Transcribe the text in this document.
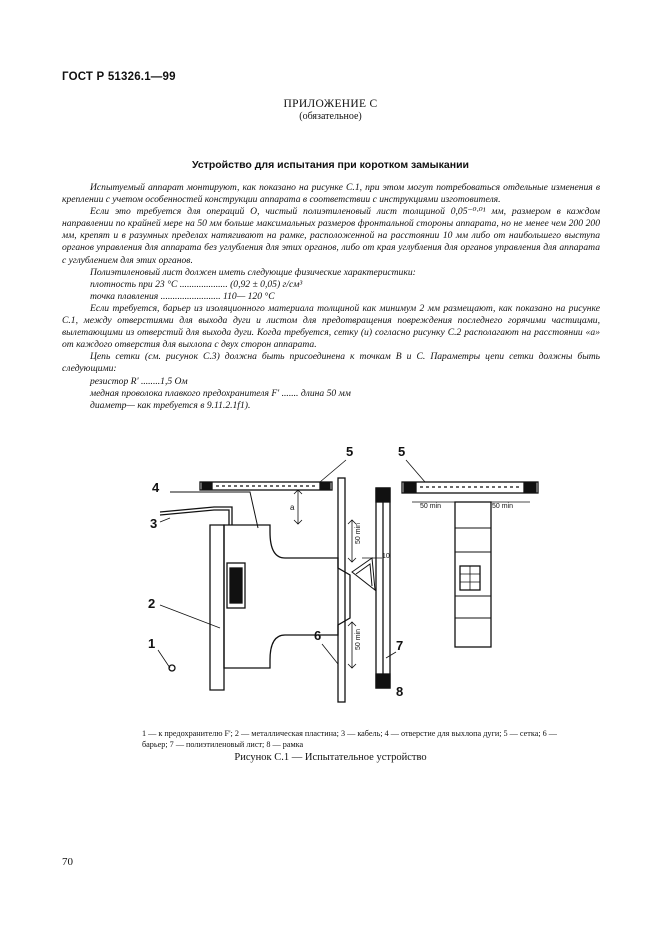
ГОСТ Р 51326.1—99
ПРИЛОЖЕНИЕ С
(обязательное)
Устройство для испытания при коротком замыкании

Испытуемый аппарат монтируют, как показано на рисунке С.1, при этом могут потребоваться отдельные изменения в креплении с учетом особенностей конструкции аппарата в соответствии с инструкциями изготовителя.

Если это требуется для операций О, чистый полиэтиленовый лист толщиной 0,05⁻⁰·⁰¹ мм, размером в каждом направлении по крайней мере на 50 мм больше максимальных размеров фронтальной стороны аппарата, но не менее чем 200 200 мм, крепят и в разумных пределах натягивают на рамке, расположенной на расстоянии 10 мм либо от наибольшего выступа органов управления для аппарата без углубления для этих органов, либо от края углубления для органов управления для аппарата с углублением для этих органов.

Полиэтиленовый лист должен иметь следующие физические характеристики:

плотность при 23 °С .................... (0,92 ± 0,05) г/см³

точка плавления ......................... 110— 120 °С

Если требуется, барьер из изоляционного материала толщиной как минимум 2 мм размещают, как показано на рисунке С.1, между отверстиями для выхода дуги и листом для предотвращения повреждения последнего горячими частицами, вылетающими из отверстий для выхода дуги. Когда требуется, сетку (и) согласно рисунку С.2 располагают на расстоянии «а» от каждого отверстия для выхлопа с двух сторон аппарата.

Цепь сетки (см. рисунок С.3) должна быть присоединена к точкам В и С. Параметры цепи сетки должны быть следующими:

резистор R' ........1,5 Ом

медная проволока плавкого предохранителя F' ....... длина 50 мм

диаметр— как требуется в 9.11.2.1f1).

a
50 min
50 min
10
50 min	50 min
4
3
2
1
5	5
6
7
8
1 — к предохранителю F'; 2 — металлическая пластина; 3 — кабель; 4 — отверстие для выхлопа дуги; 5 — сетка; 6 — барьер; 7 — полиэтиленовый лист; 8 — рамка
Рисунок С.1 — Испытательное устройство
70
